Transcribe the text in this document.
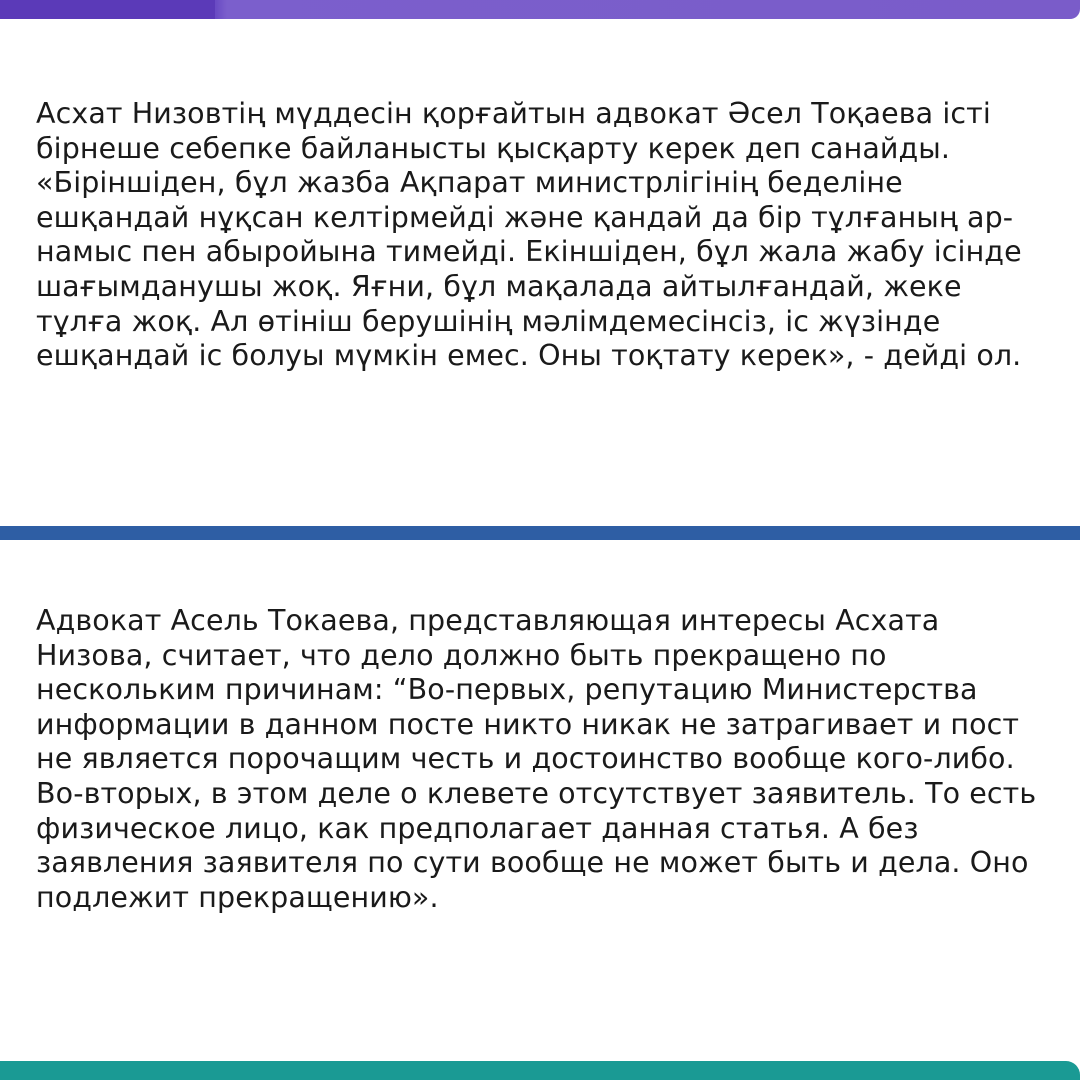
Асхат Низовтің мүддесін қорғайтын адвокат Әсел Тоқаева істі бірнеше себепке байланысты қысқарту керек деп санайды. «Біріншіден, бұл жазба Ақпарат министрлігінің беделіне ешқандай нұқсан келтірмейді және қандай да бір тұлғаның ар-намыс пен абыройына тимейді. Екіншіден, бұл жала жабу ісінде шағымданушы жоқ. Яғни, бұл мақалада айтылғандай, жеке тұлға жоқ. Ал өтініш берушінің мәлімдемесінсіз, іс жүзінде ешқандай іс болуы мүмкін емес. Оны тоқтату керек», - дейді ол.

Адвокат Асель Токаева, представляющая интересы Асхата Низова, считает, что дело должно быть прекращено по нескольким причинам: “Во-первых, репутацию Министерства информации в данном посте никто никак не затрагивает и пост не является порочащим честь и достоинство вообще кого-либо. Во-вторых, в этом деле о клевете отсутствует заявитель. То есть физическое лицо, как предполагает данная статья. А без заявления заявителя по сути вообще не может быть и дела. Оно подлежит прекращению».
